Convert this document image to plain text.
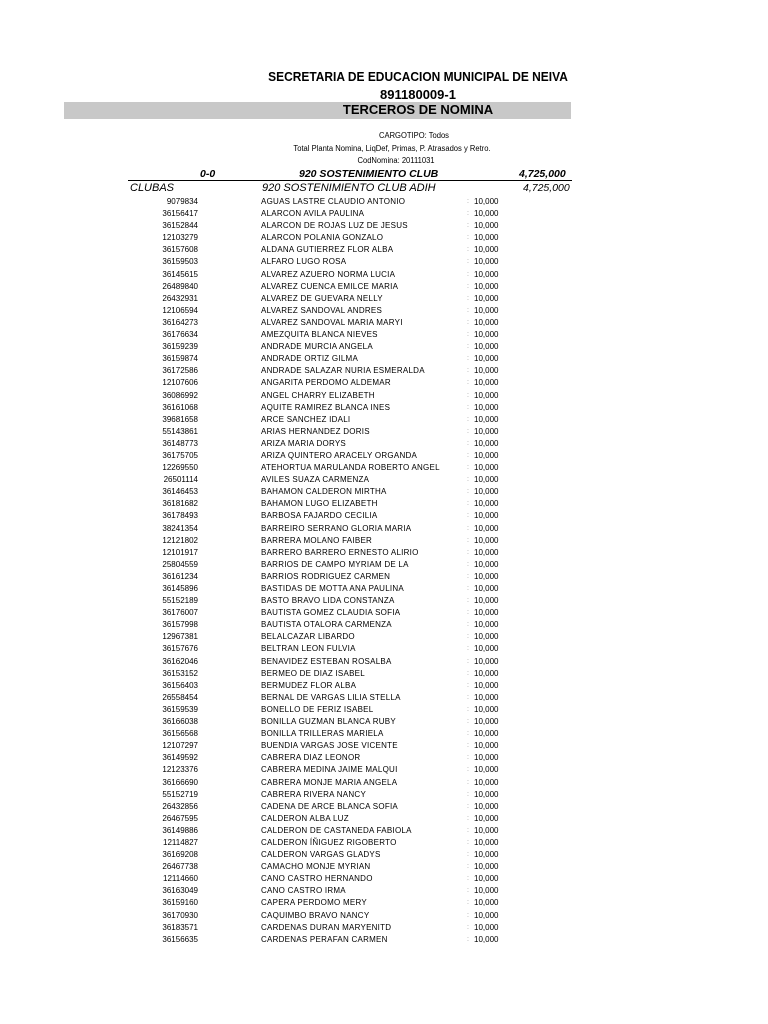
SECRETARIA DE EDUCACION MUNICIPAL DE NEIVA
891180009-1
TERCEROS DE NOMINA
CARGOTIPO: Todos
Total Planta Nomina, LiqDef, Primas, P. Atrasados y Retro.
CodNomina: 20111031
0-0	920 SOSTENIMIENTO CLUB	4,725,000
CLUBAS	920 SOSTENIMIENTO CLUB ADIH	4,725,000
9079834	AGUAS LASTRE CLAUDIO ANTONIO	: 10,000
36156417	ALARCON AVILA PAULINA	: 10,000
36152844	ALARCON DE ROJAS LUZ DE JESUS	: 10,000
12103279	ALARCON POLANIA GONZALO	: 10,000
36157608	ALDANA GUTIERREZ FLOR ALBA	: 10,000
36159503	ALFARO LUGO ROSA	: 10,000
36145615	ALVAREZ AZUERO NORMA LUCIA	: 10,000
26489840	ALVAREZ CUENCA EMILCE MARIA	: 10,000
26432931	ALVAREZ DE GUEVARA NELLY	: 10,000
12106594	ALVAREZ SANDOVAL ANDRES	: 10,000
36164273	ALVAREZ SANDOVAL MARIA MARYI	: 10,000
36176634	AMEZQUITA BLANCA NIEVES	: 10,000
36159239	ANDRADE MURCIA ANGELA	: 10,000
36159874	ANDRADE ORTIZ GILMA	: 10,000
36172586	ANDRADE SALAZAR NURIA ESMERALDA	: 10,000
12107606	ANGARITA PERDOMO ALDEMAR	: 10,000
36086992	ANGEL CHARRY ELIZABETH	: 10,000
36161068	AQUITE RAMIREZ BLANCA INES	: 10,000
39681658	ARCE SANCHEZ IDALI	: 10,000
55143861	ARIAS HERNANDEZ DORIS	: 10,000
36148773	ARIZA MARIA DORYS	: 10,000
36175705	ARIZA QUINTERO ARACELY ORGANDA	: 10,000
12269550	ATEHORTUA MARULANDA ROBERTO ANGEL	: 10,000
26501114	AVILES SUAZA CARMENZA	: 10,000
36146453	BAHAMON CALDERON MIRTHA	: 10,000
36181682	BAHAMON LUGO ELIZABETH	: 10,000
36178493	BARBOSA FAJARDO CECILIA	: 10,000
38241354	BARREIRO SERRANO GLORIA MARIA	: 10,000
12121802	BARRERA MOLANO FAIBER	: 10,000
12101917	BARRERO BARRERO ERNESTO ALIRIO	: 10,000
25804559	BARRIOS DE CAMPO MYRIAM DE LA	: 10,000
36161234	BARRIOS RODRIGUEZ CARMEN	: 10,000
36145896	BASTIDAS DE MOTTA ANA PAULINA	: 10,000
55152189	BASTO BRAVO LIDA CONSTANZA	: 10,000
36176007	BAUTISTA GOMEZ CLAUDIA SOFIA	: 10,000
36157998	BAUTISTA OTALORA CARMENZA	: 10,000
12967381	BELALCAZAR LIBARDO	: 10,000
36157676	BELTRAN LEON FULVIA	: 10,000
36162046	BENAVIDEZ ESTEBAN ROSALBA	: 10,000
36153152	BERMEO DE DIAZ ISABEL	: 10,000
36156403	BERMUDEZ FLOR ALBA	: 10,000
26558454	BERNAL DE VARGAS LILIA STELLA	: 10,000
36159539	BONELLO DE FERIZ ISABEL	: 10,000
36166038	BONILLA GUZMAN BLANCA RUBY	: 10,000
36156568	BONILLA TRILLERAS MARIELA	: 10,000
12107297	BUENDIA VARGAS JOSE VICENTE	: 10,000
36149592	CABRERA DIAZ LEONOR	: 10,000
12123376	CABRERA MEDINA JAIME MALQUI	: 10,000
36166690	CABRERA MONJE MARIA ANGELA	: 10,000
55152719	CABRERA RIVERA NANCY	: 10,000
26432856	CADENA DE ARCE BLANCA SOFIA	: 10,000
26467595	CALDERON ALBA LUZ	: 10,000
36149886	CALDERON DE CASTANEDA FABIOLA	: 10,000
12114827	CALDERON ÍÑIGUEZ RIGOBERTO	: 10,000
36169208	CALDERON VARGAS GLADYS	: 10,000
26467738	CAMACHO MONJE MYRIAN	: 10,000
12114660	CANO CASTRO HERNANDO	: 10,000
36163049	CANO CASTRO IRMA	: 10,000
36159160	CAPERA PERDOMO MERY	: 10,000
36170930	CAQUIMBO BRAVO NANCY	: 10,000
36183571	CARDENAS DURAN MARYENITD	: 10,000
36156635	CARDENAS PERAFAN CARMEN	: 10,000
